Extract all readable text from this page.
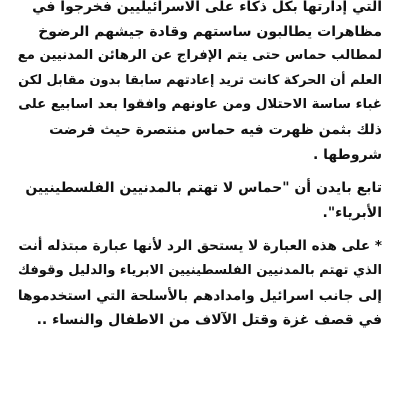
التي إدارتها بكل ذكاء على الاسرائيليين فخرجوا في
مظاهرات يطالبون ساستهم وقادة جيشهم الرضوخ
لمطالب حماس حتى يتم الإفراج عن الرهائن المدنيين مع
العلم أن الحركة كانت تريد إعادتهم سابقا بدون مقابل لكن
غباء ساسة الاحتلال ومن عاونهم وافقوا بعد اسابيع على
ذلك بثمن ظهرت فيه حماس منتصرة حيث فرضت
شروطها .

تابع بايدن أن "حماس لا تهتم بالمدنيين الفلسطينيين
الأبرياء".

* على هذه العبارة لا يستحق الرد لأنها عبارة مبتذله أنت
الذي تهتم بالمدنيين الفلسطينيين الابرياء والدليل وقوفك
إلى جانب اسرائيل وامدادهم بالأسلحة التي استخدموها
في قصف غزة وقتل الآلاف من الاطفال والنساء ..
